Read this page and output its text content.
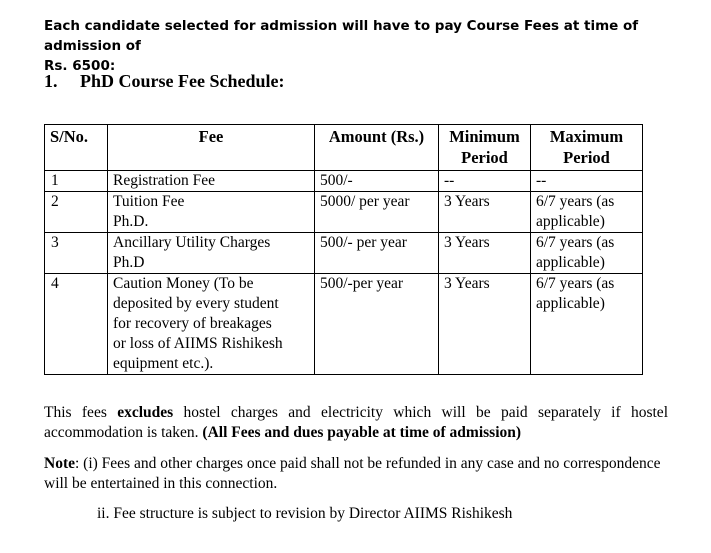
Each candidate selected for admission will have to pay Course Fees at time of admission of
Rs. 6500:

1. PhD Course Fee Schedule:
S/No.	Fee	Amount (Rs.)	Minimum
Period	Maximum
Period
1	Registration Fee	500/-	--	--
2	Tuition Fee
Ph.D.	5000/ per year	3 Years	6/7 years (as
applicable)
3	Ancillary Utility Charges
Ph.D	500/- per year	3 Years	6/7 years (as
applicable)
4	Caution Money (To be
deposited by every student
for recovery of breakages
or loss of AIIMS Rishikesh
equipment etc.).	500/-per year	3 Years	6/7 years (as
applicable)

This fees excludes hostel charges and electricity which will be paid separately if hostel accommodation is taken. (All Fees and dues payable at time of admission)

Note: (i) Fees and other charges once paid shall not be refunded in any case and no correspondence will be entertained in this connection.

ii. Fee structure is subject to revision by Director AIIMS Rishikesh
